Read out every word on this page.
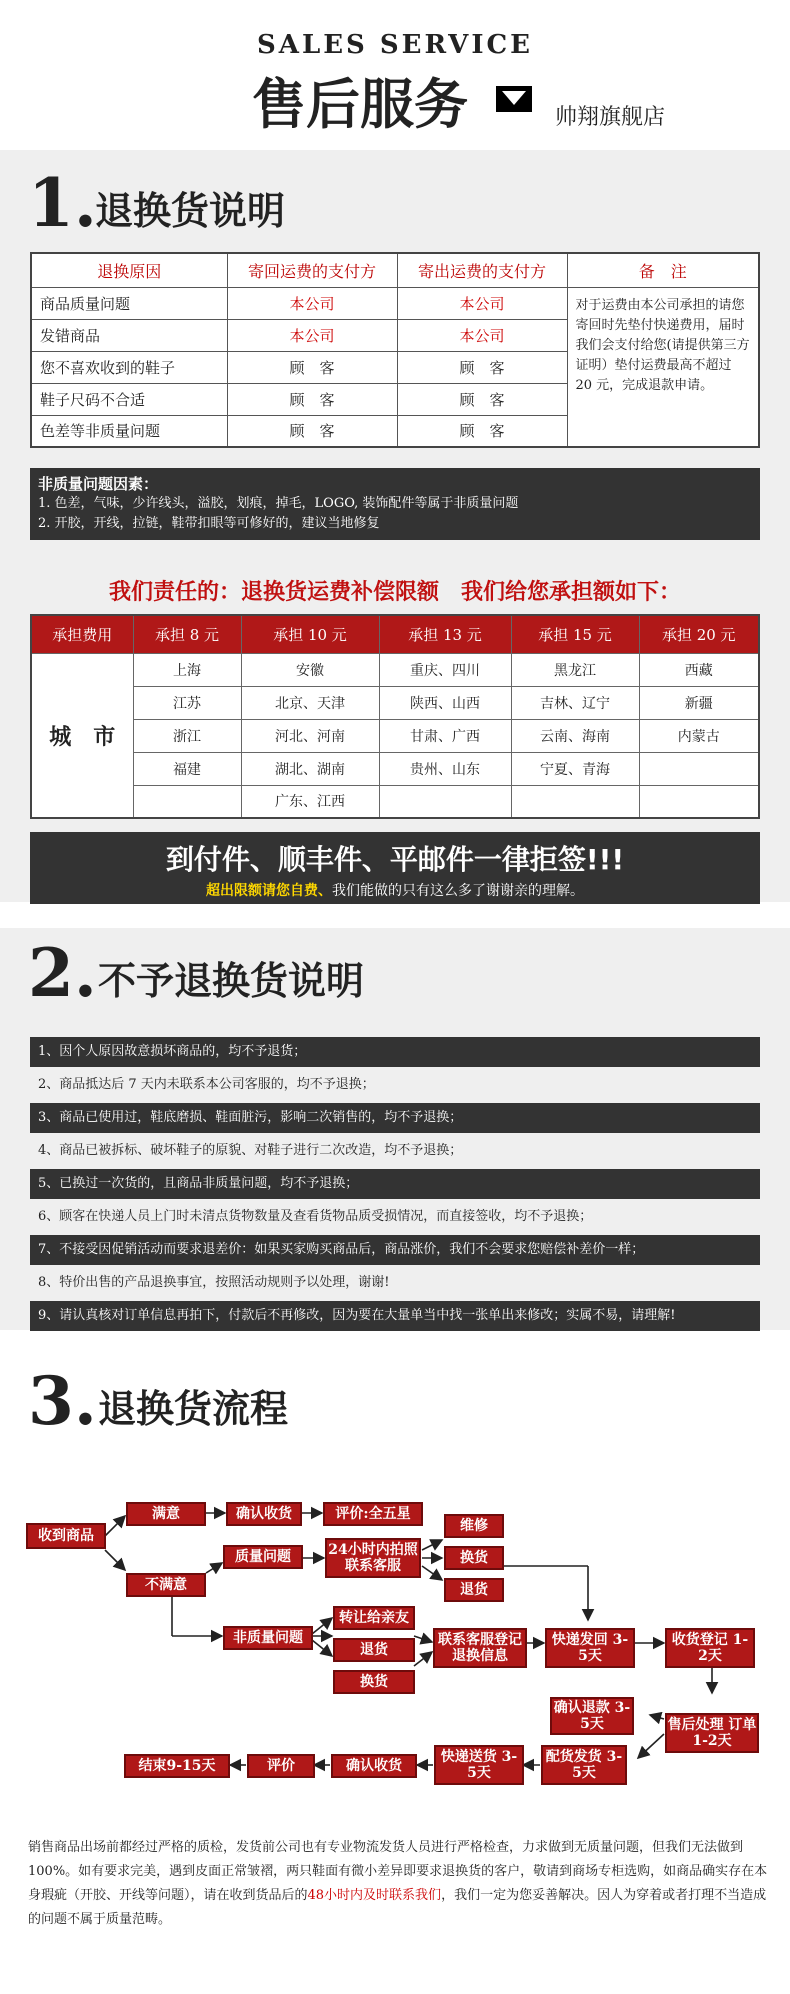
SALES SERVICE
售后服务	帅翔旗舰店
1.
退换货说明
退换原因	寄回运费的支付方	寄出运费的支付方	备　注
商品质量问题	本公司	本公司	对于运费由本公司承担的请您寄回时先垫付快递费用，届时我们会支付给您(请提供第三方证明）垫付运费最高不超过 20 元，完成退款申请。
发错商品	本公司	本公司	
您不喜欢收到的鞋子	顾　客	顾　客	
鞋子尺码不合适	顾　客	顾　客	
色差等非质量问题	顾　客	顾　客	
非质量问题因素：
1. 色差，气味，少许线头，溢胶，划痕，掉毛，LOGO, 装饰配件等属于非质量问题
2. 开胶，开线，拉链，鞋带扣眼等可修好的，建议当地修复
我们责任的：退换货运费补偿限额　我们给您承担额如下：
承担费用	承担 8 元	承担 10 元	承担 13 元	承担 15 元	承担 20 元
城　市	上海	安徽	重庆、四川	黑龙江	西藏
	江苏	北京、天津	陕西、山西	吉林、辽宁	新疆
	浙江	河北、河南	甘肃、广西	云南、海南	内蒙古
	福建	湖北、湖南	贵州、山东	宁夏、青海	
		广东、江西			
到付件、顺丰件、平邮件一律拒签!!!
超出限额请您自费、我们能做的只有这么多了谢谢亲的理解。
2. 不予退换货说明
1、因个人原因故意损坏商品的，均不予退货；
2、商品抵达后 7 天内未联系本公司客服的，均不予退换；
3、商品已使用过，鞋底磨损、鞋面脏污，影响二次销售的，均不予退换；
4、商品已被拆标、破坏鞋子的原貌、对鞋子进行二次改造，均不予退换；
5、已换过一次货的，且商品非质量问题，均不予退换；
6、顾客在快递人员上门时未清点货物数量及查看货物品质受损情况，而直接签收，均不予退换；
7、不接受因促销活动而要求退差价：如果买家购买商品后，商品涨价，我们不会要求您赔偿补差价一样；
8、特价出售的产品退换事宜，按照活动规则予以处理，谢谢!
9、请认真核对订单信息再拍下，付款后不再修改，因为要在大量单当中找一张单出来修改；实属不易，请理解!
3. 退换货流程
收到商品
满意	确认收货	评价:全五星
不满意
质量问题	24小时内拍照联系客服
维修
换货
退货
非质量问题
转让给亲友
退货
换货
联系客服登记退换信息
快递发回 3-5天
收货登记 1-2天
确认退款 3-5天	售后处理 订单1-2天
配货发货 3-5天
快递送货 3-5天
确认收货
评价
结束9-15天
销售商品出场前都经过严格的质检，发货前公司也有专业物流发货人员进行严格检查，力求做到无质量问题，但我们无法做到100%。如有要求完美，遇到皮面正常皱褶，两只鞋面有微小差异即要求退换货的客户，敬请到商场专柜选购，如商品确实存在本身瑕疵（开胶、开线等问题），请在收到货品后的48小时内及时联系我们，我们一定为您妥善解决。因人为穿着或者打理不当造成的问题不属于质量范畴。
